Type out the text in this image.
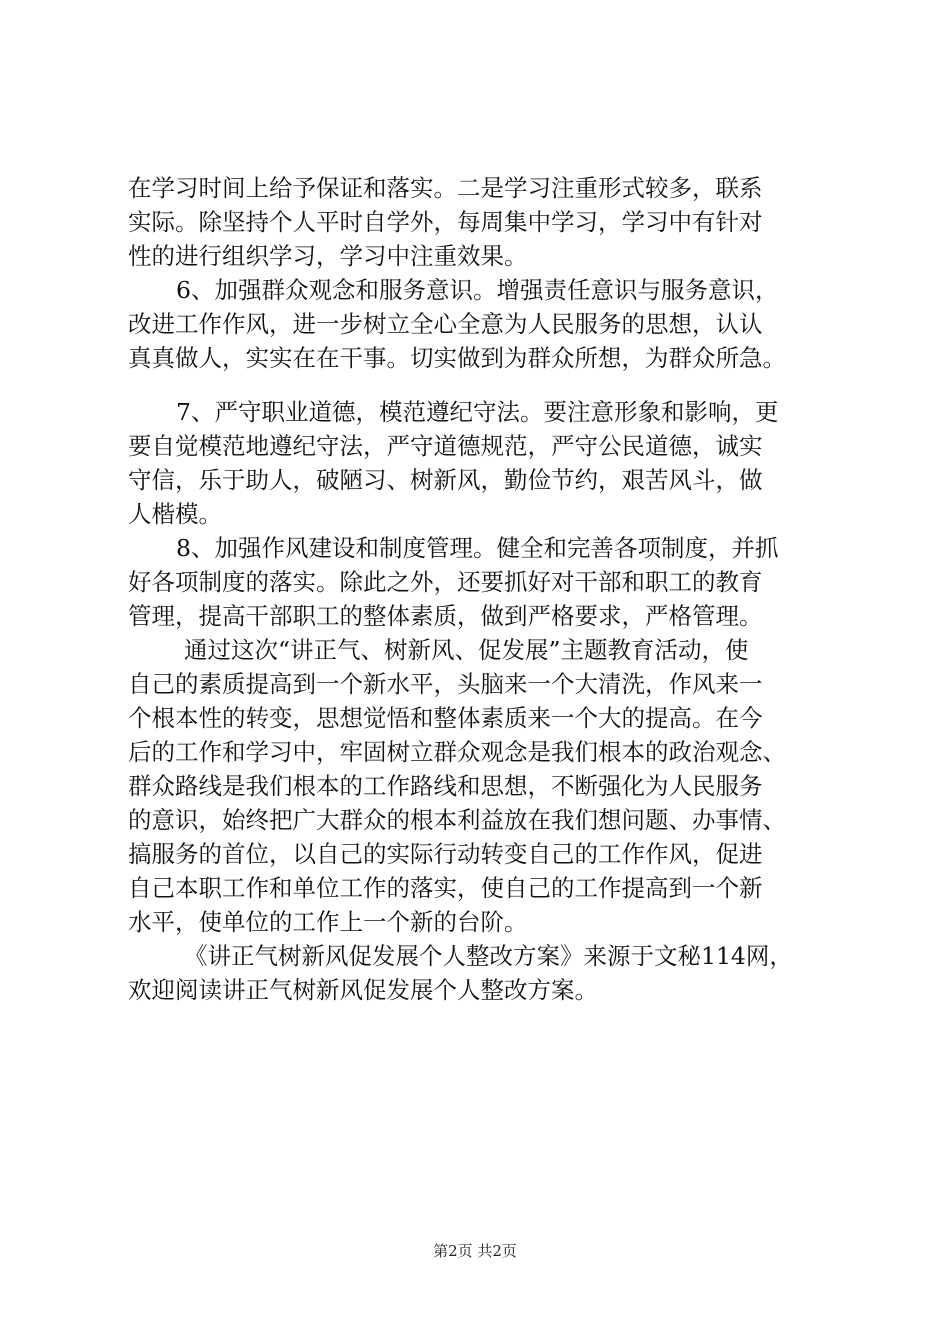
在学习时间上给予保证和落实。二是学习注重形式较多，联系
实际。除坚持个人平时自学外，每周集中学习，学习中有针对
性的进行组织学习，学习中注重效果。
6、加强群众观念和服务意识。增强责任意识与服务意识，
改进工作作风，进一步树立全心全意为人民服务的思想，认认
真真做人，实实在在干事。切实做到为群众所想，为群众所急。
7、严守职业道德，模范遵纪守法。要注意形象和影响，更
要自觉模范地遵纪守法，严守道德规范，严守公民道德，诚实
守信，乐于助人，破陋习、树新风，勤俭节约，艰苦风斗，做
人楷模。
8、加强作风建设和制度管理。健全和完善各项制度，并抓
好各项制度的落实。除此之外，还要抓好对干部和职工的教育
管理，提高干部职工的整体素质，做到严格要求，严格管理。
通过这次“讲正气、树新风、促发展”主题教育活动，使
自己的素质提高到一个新水平，头脑来一个大清洗，作风来一
个根本性的转变，思想觉悟和整体素质来一个大的提高。在今
后的工作和学习中，牢固树立群众观念是我们根本的政治观念、
群众路线是我们根本的工作路线和思想，不断强化为人民服务
的意识，始终把广大群众的根本利益放在我们想问题、办事情、
搞服务的首位，以自己的实际行动转变自己的工作作风，促进
自己本职工作和单位工作的落实，使自己的工作提高到一个新
水平，使单位的工作上一个新的台阶。
《讲正气树新风促发展个人整改方案》来源于文秘114网，
欢迎阅读讲正气树新风促发展个人整改方案。
第2页 共2页
